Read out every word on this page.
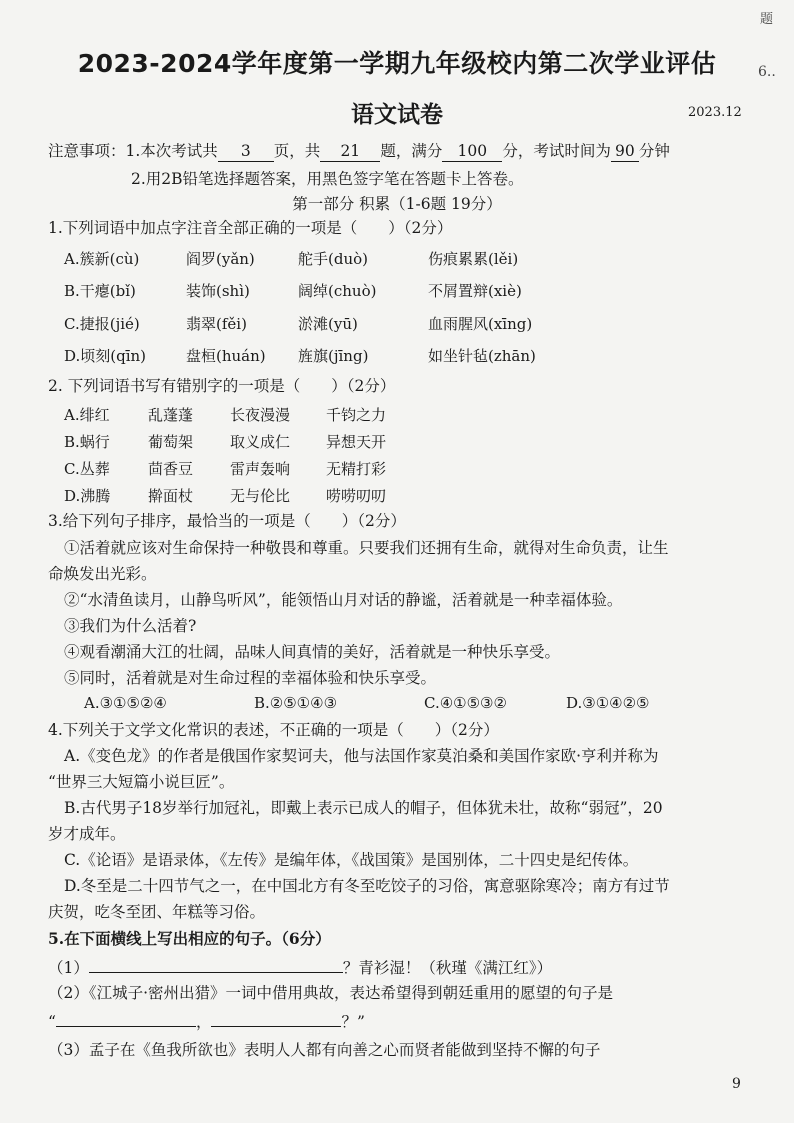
题
6..
2023-2024学年度第一学期九年级校内第二次学业评估
语文试卷	2023.12
注意事项：1.本次考试共 3 页，共 21 题，满分 100 分，考试时间为 90 分钟
2.用2B铅笔选择题答案，用黑色签字笔在答题卡上答卷。
第一部分 积累（1-6题 19分）
1.下列词语中加点字注音全部正确的一项是（　　）（2分）
A.簇新(cù)	阎罗(yǎn)	舵手(duò)	伤痕累累(lěi)
B.干瘪(bǐ)	装饰(shì)	阔绰(chuò)	不屑置辩(xiè)
C.捷报(jié)	翡翠(fěi)	淤滩(yū)	血雨腥风(xīng)
D.顷刻(qīn)	盘桓(huán) 旌旗(jīng)	如坐针毡(zhān)
2. 下列词语书写有错别字的一项是（　　）（2分）
A.绯红	乱蓬蓬 长夜漫漫 千钧之力
B.蜗行	葡萄架 取义成仁 异想天开
C.丛葬	茴香豆 雷声轰响 无精打彩
D.沸腾	擀面杖 无与伦比 唠唠叨叨
3.给下列句子排序，最恰当的一项是（　　）（2分）
①活着就应该对生命保持一种敬畏和尊重。只要我们还拥有生命，就得对生命负责，让生
命焕发出光彩。
②“水清鱼读月，山静鸟听风”，能领悟山月对话的静谧，活着就是一种幸福体验。
③我们为什么活着?
④观看潮涌大江的壮阔，品味人间真情的美好，活着就是一种快乐享受。
⑤同时，活着就是对生命过程的幸福体验和快乐享受。
A.③①⑤②④	B.②⑤①④③	C.④①⑤③②	D.③①④②⑤
4.下列关于文学文化常识的表述，不正确的一项是（　　）（2分）
A.《变色龙》的作者是俄国作家契诃夫，他与法国作家莫泊桑和美国作家欧·亨利并称为
“世界三大短篇小说巨匠”。
B.古代男子18岁举行加冠礼，即戴上表示已成人的帽子，但体犹未壮，故称“弱冠”，20
岁才成年。
C.《论语》是语录体，《左传》是编年体，《战国策》是国别体，二十四史是纪传体。
D.冬至是二十四节气之一，在中国北方有冬至吃饺子的习俗，寓意驱除寒冷；南方有过节
庆贺，吃冬至团、年糕等习俗。
5.在下面横线上写出相应的句子。（6分）
（1）	？青衫湿！（秋瑾《满江红》）
（2）《江城子·密州出猎》一词中借用典故，表达希望得到朝廷重用的愿望的句子是
“	，	？”
（3）孟子在《鱼我所欲也》表明人人都有向善之心而贤者能做到坚持不懈的句子
9
